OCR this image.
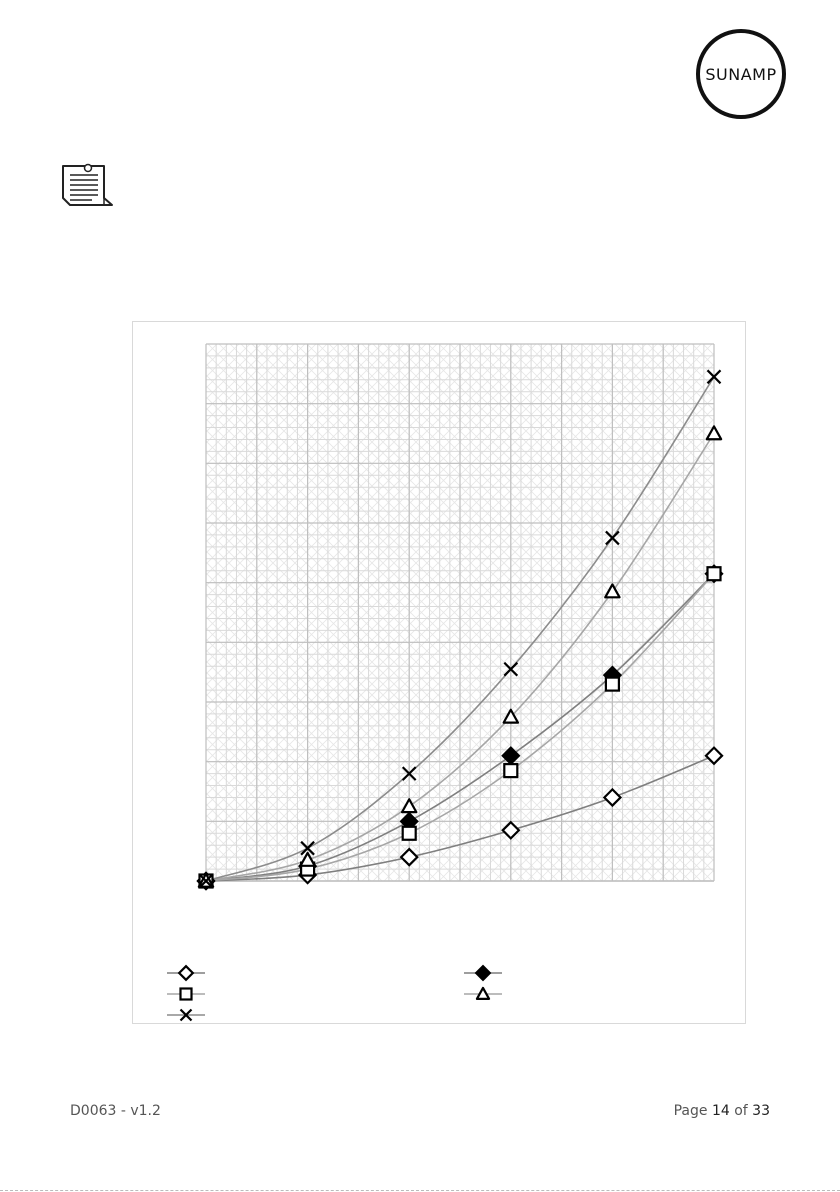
SUNAMP
D0063 - v1.2	Page 14 of 33
